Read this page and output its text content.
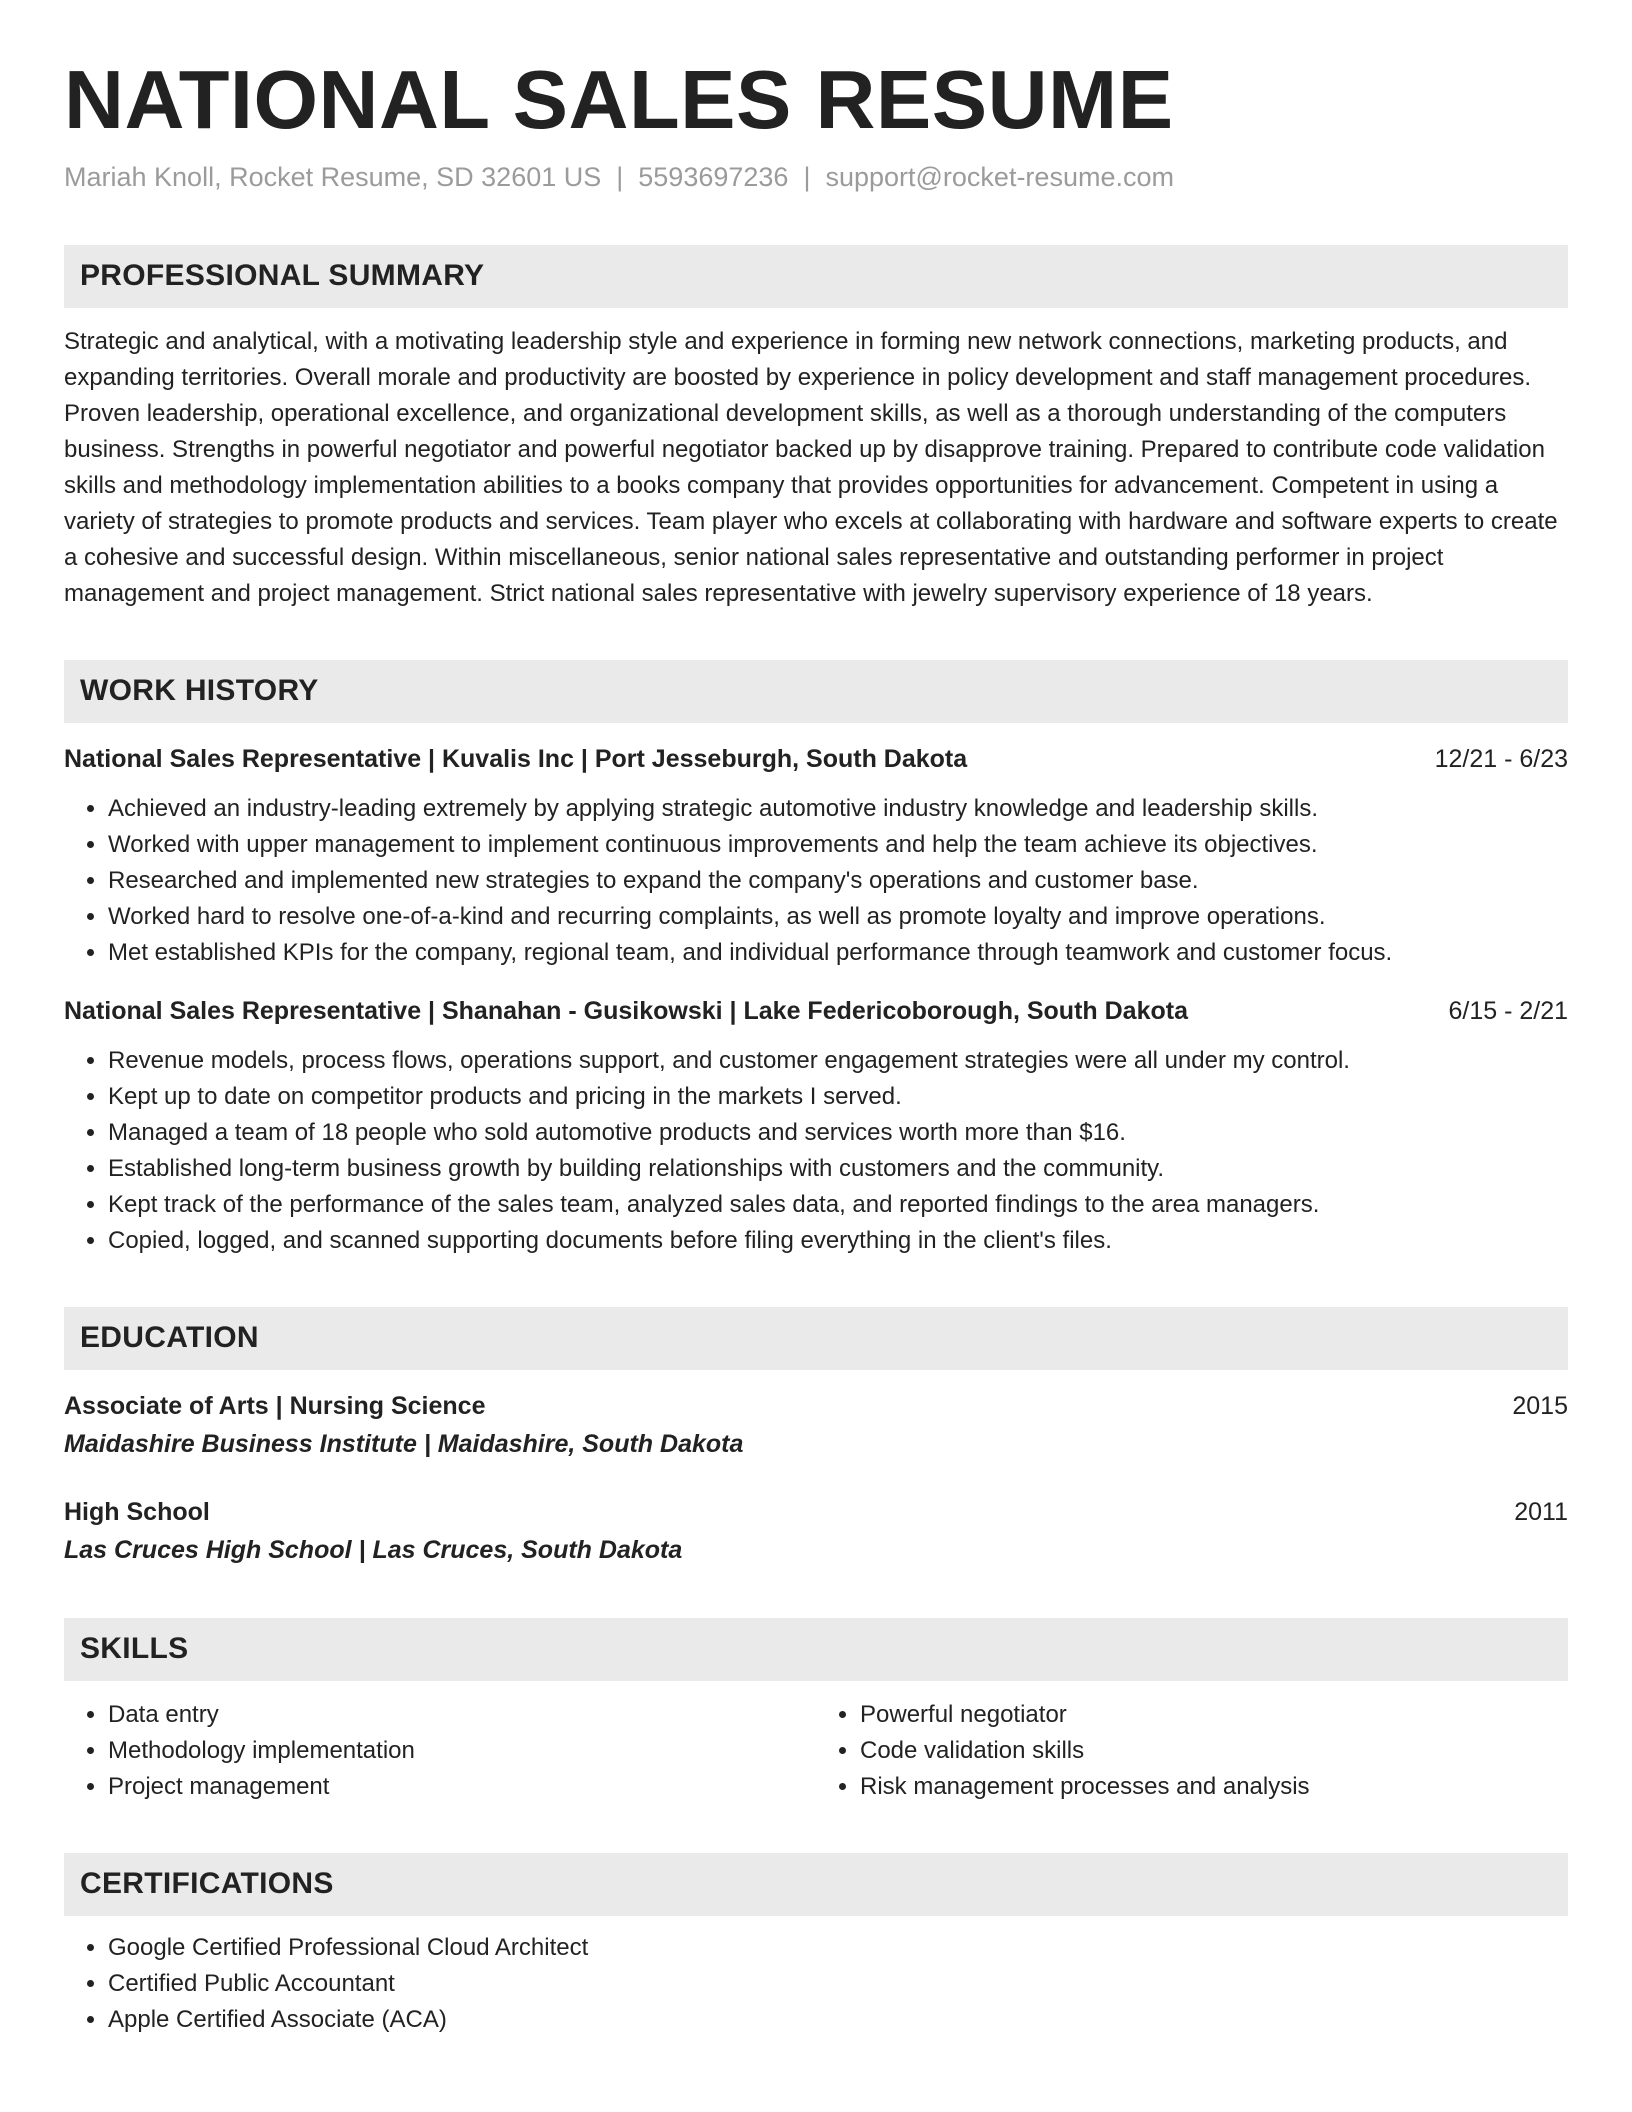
NATIONAL SALES RESUME
Mariah Knoll, Rocket Resume, SD 32601 US | 5593697236 | support@rocket-resume.com
PROFESSIONAL SUMMARY

Strategic and analytical, with a motivating leadership style and experience in forming new network connections, marketing products, and expanding territories. Overall morale and productivity are boosted by experience in policy development and staff management procedures. Proven leadership, operational excellence, and organizational development skills, as well as a thorough understanding of the computers business. Strengths in powerful negotiator and powerful negotiator backed up by disapprove training. Prepared to contribute code validation skills and methodology implementation abilities to a books company that provides opportunities for advancement. Competent in using a variety of strategies to promote products and services. Team player who excels at collaborating with hardware and software experts to create a cohesive and successful design. Within miscellaneous, senior national sales representative and outstanding performer in project management and project management. Strict national sales representative with jewelry supervisory experience of 18 years.

WORK HISTORY
National Sales Representative | Kuvalis Inc | Port Jesseburgh, South Dakota	12/21 - 6/23
• Achieved an industry-leading extremely by applying strategic automotive industry knowledge and leadership skills.
• Worked with upper management to implement continuous improvements and help the team achieve its objectives.
• Researched and implemented new strategies to expand the company's operations and customer base.
• Worked hard to resolve one-of-a-kind and recurring complaints, as well as promote loyalty and improve operations.
• Met established KPIs for the company, regional team, and individual performance through teamwork and customer focus.
National Sales Representative | Shanahan - Gusikowski | Lake Federicoborough, South Dakota	6/15 - 2/21
• Revenue models, process flows, operations support, and customer engagement strategies were all under my control.
• Kept up to date on competitor products and pricing in the markets I served.
• Managed a team of 18 people who sold automotive products and services worth more than $16.
• Established long-term business growth by building relationships with customers and the community.
• Kept track of the performance of the sales team, analyzed sales data, and reported findings to the area managers.
• Copied, logged, and scanned supporting documents before filing everything in the client's files.
EDUCATION
Associate of Arts | Nursing Science	2015
Maidashire Business Institute | Maidashire, South Dakota
High School	2011
Las Cruces High School | Las Cruces, South Dakota
SKILLS
• Data entry
• Methodology implementation
• Project management
• Powerful negotiator
• Code validation skills
• Risk management processes and analysis
CERTIFICATIONS
• Google Certified Professional Cloud Architect
• Certified Public Accountant
• Apple Certified Associate (ACA)
